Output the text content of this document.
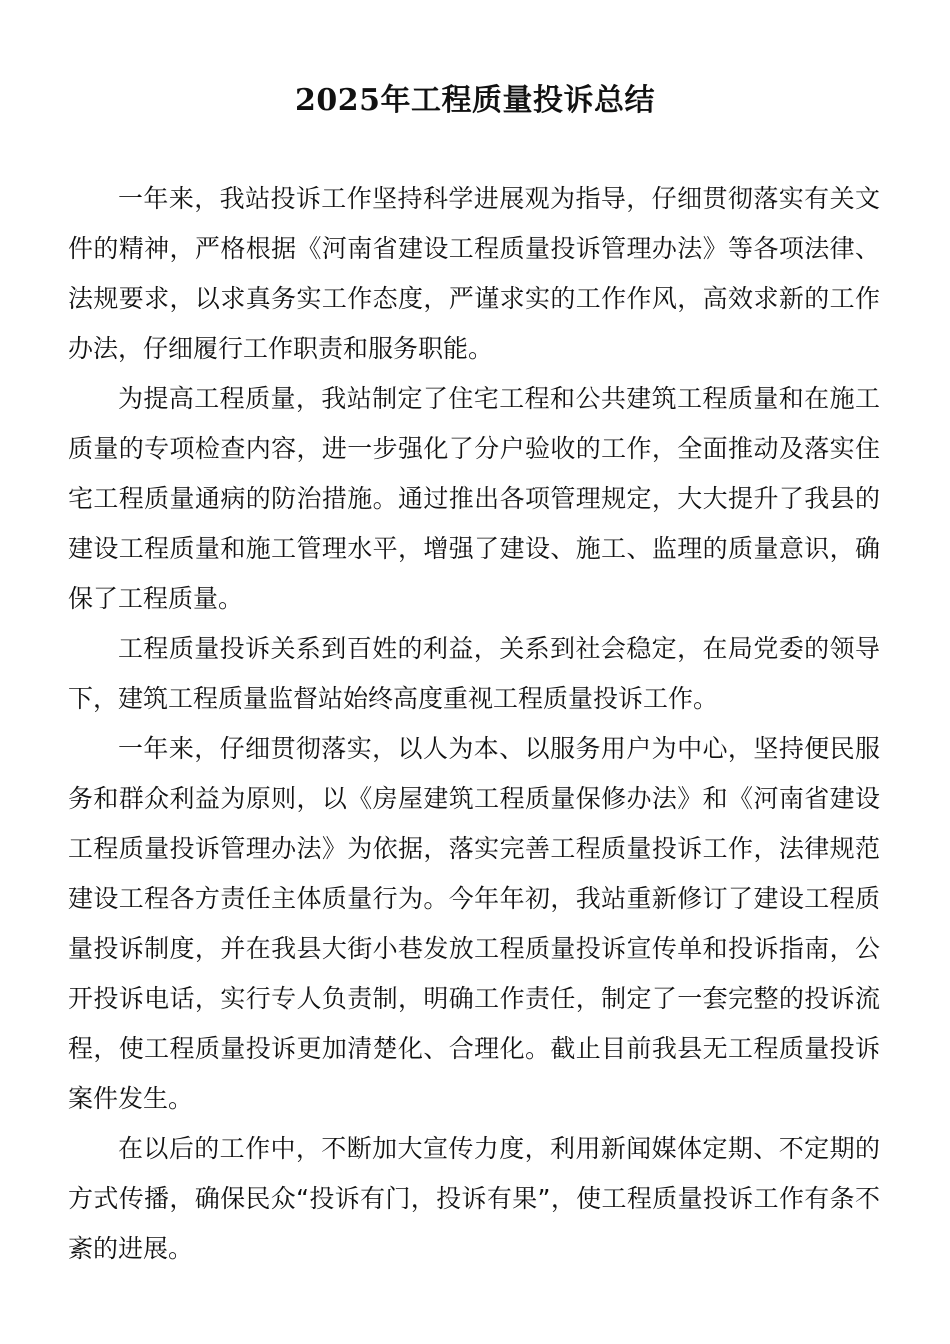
2025年工程质量投诉总结

一年来，我站投诉工作坚持科学进展观为指导，仔细贯彻落实有关文件的精神，严格根据《河南省建设工程质量投诉管理办法》等各项法律、法规要求，以求真务实工作态度，严谨求实的工作作风，高效求新的工作办法，仔细履行工作职责和服务职能。

为提高工程质量，我站制定了住宅工程和公共建筑工程质量和在施工质量的专项检查内容，进一步强化了分户验收的工作，全面推动及落实住宅工程质量通病的防治措施。通过推出各项管理规定，大大提升了我县的建设工程质量和施工管理水平，增强了建设、施工、监理的质量意识，确保了工程质量。

工程质量投诉关系到百姓的利益，关系到社会稳定，在局党委的领导下，建筑工程质量监督站始终高度重视工程质量投诉工作。

一年来，仔细贯彻落实，以人为本、以服务用户为中心，坚持便民服务和群众利益为原则，以《房屋建筑工程质量保修办法》和《河南省建设工程质量投诉管理办法》为依据，落实完善工程质量投诉工作，法律规范建设工程各方责任主体质量行为。今年年初，我站重新修订了建设工程质量投诉制度，并在我县大街小巷发放工程质量投诉宣传单和投诉指南，公开投诉电话，实行专人负责制，明确工作责任，制定了一套完整的投诉流程，使工程质量投诉更加清楚化、合理化。截止目前我县无工程质量投诉案件发生。

在以后的工作中，不断加大宣传力度，利用新闻媒体定期、不定期的方式传播，确保民众“投诉有门，投诉有果”，使工程质量投诉工作有条不紊的进展。
